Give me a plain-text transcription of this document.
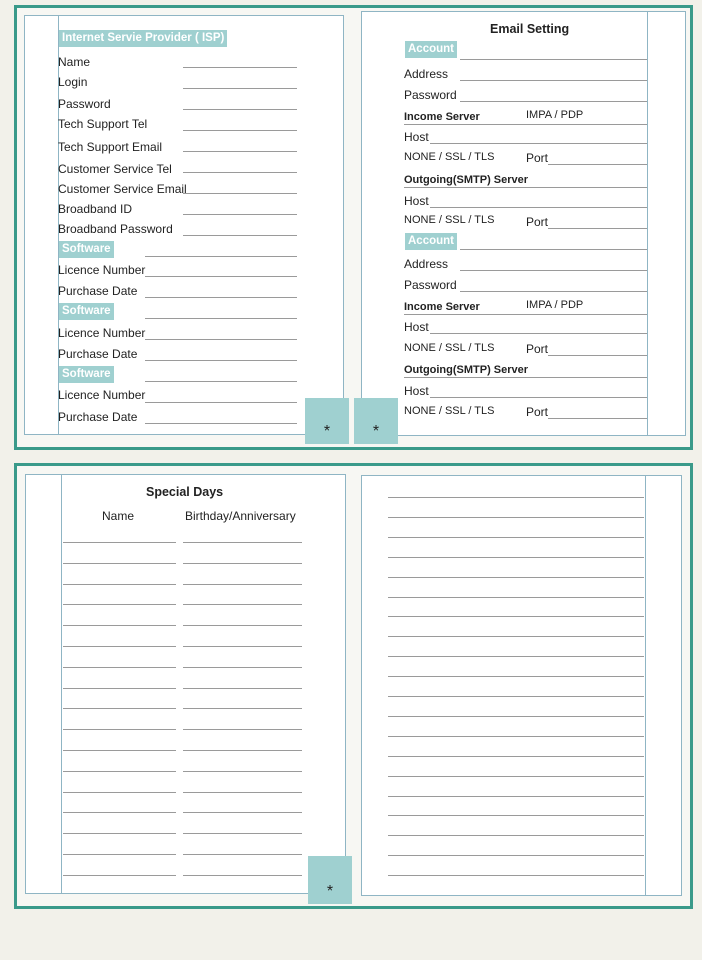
Internet Servie Provider ( ISP)
Name
Login
Password
Tech Support Tel
Tech Support Email
Customer Service Tel
Customer Service Email
Broadband ID
Broadband Password
Software
Licence Number
Purchase Date
Software
Licence Number
Purchase Date
Software
Licence Number
Purchase Date
Email Setting
Account
Address
Password
Income Server	IMPA / PDP
Host
NONE / SSL / TLS	Port
Outgoing(SMTP) Server
Host
NONE / SSL / TLS	Port
Account
Address
Password
Income Server	IMPA / PDP
Host
NONE / SSL / TLS	Port
Outgoing(SMTP) Server
Host
NONE / SSL / TLS	Port
*	*
Special Days
Name	Birthday/Anniversary
*
